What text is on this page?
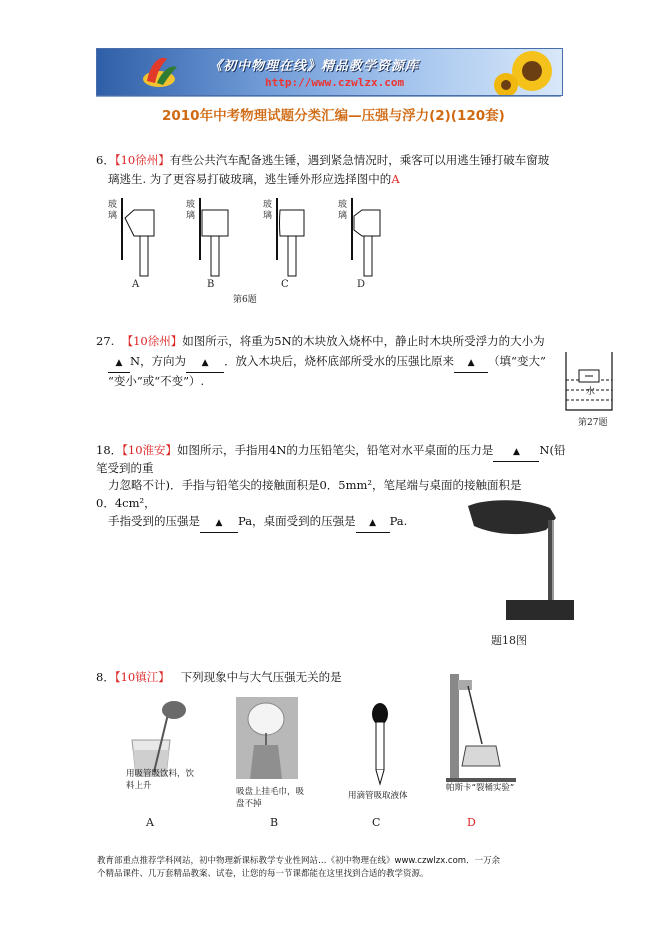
《初中物理在线》精品教学资源库
http://www.czwlzx.com
2010年中考物理试题分类汇编—压强与浮力(2)(120套)
6．【10徐州】有些公共汽车配备逃生锤，遇到紧急情况时，乘客可以用逃生锤打破车窗玻
璃逃生. 为了更容易打破玻璃，逃生锤外形应选择图中的A
玻璃
玻璃
玻璃
玻璃
A	B	C	D
第6题
27. 【10徐州】如图所示，将重为5N的木块放入烧杯中，静止时木块所受浮力的大小为
▲ N，方向为 ▲ ．放入木块后，烧杯底部所受水的压强比原来 ▲ （填“变大”
“变小”或“不变”）.
水
第27题
18．【10淮安】如图所示，手指用4N的力压铅笔尖，铅笔对水平桌面的压力是 ▲ N(铅
笔受到的重
力忽略不计)．手指与铅笔尖的接触面积是0．5mm²，笔尾端与桌面的接触面积是
0．4cm²，
手指受到的压强是 ▲ Pa，桌面受到的压强是 ▲ Pa.
题18图
8．【10镇江】 下列现象中与大气压强无关的是
用吸管吸饮料，饮料上升
吸盘上挂毛巾，吸盘不掉
用滴管吸取液体
帕斯卡“裂桶实验”
A	B	C	D
教育部重点推荐学科网站，初中物理新课标教学专业性网站…《初中物理在线》www.czwlzx.com．一万余
个精品课件、几万套精品教案、试卷，让您的每一节课都能在这里找到合适的教学资源。
